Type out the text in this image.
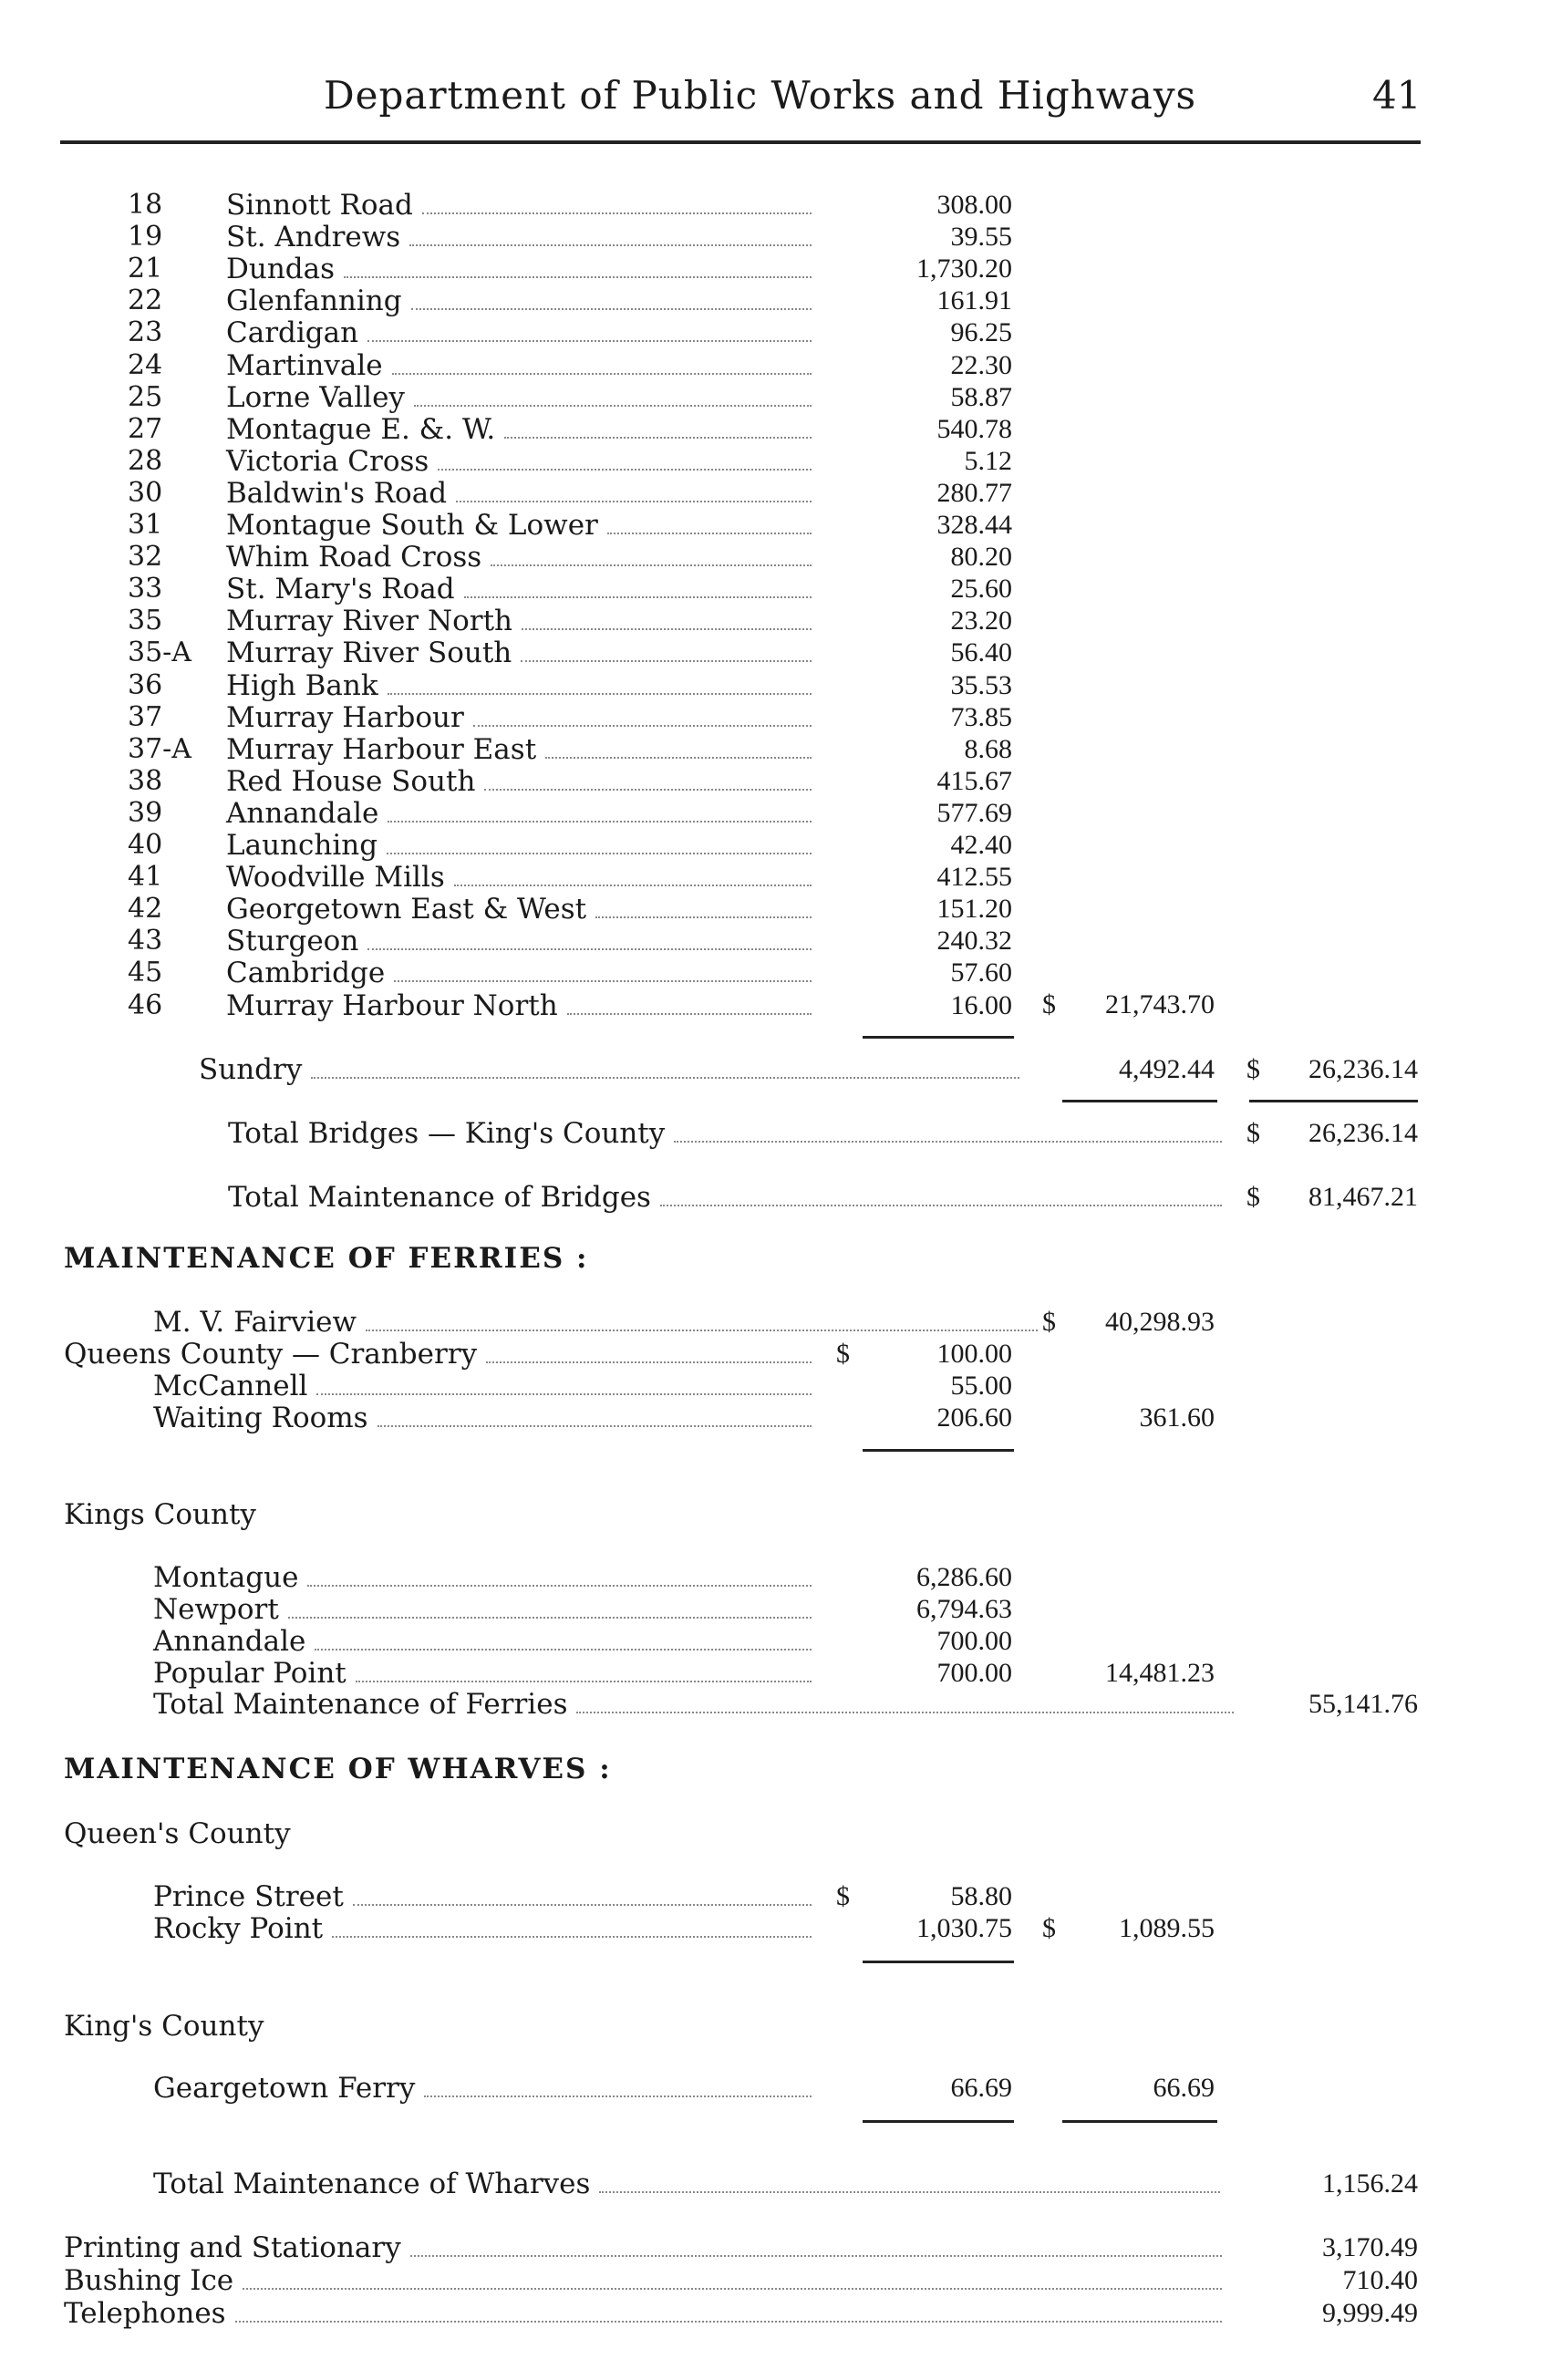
Department of Public Works and Highways	41
18	Sinnott Road	308.00
19	St. Andrews	39.55
21	Dundas	1,730.20
22	Glenfanning	161.91
23	Cardigan	96.25
24	Martinvale	22.30
25	Lorne Valley	58.87
27	Montague E. &. W.	540.78
28	Victoria Cross	5.12
30	Baldwin's Road	280.77
31	Montague South & Lower	328.44
32	Whim Road Cross	80.20
33	St. Mary's Road	25.60
35	Murray River North	23.20
35-A	Murray River South	56.40
36	High Bank	35.53
37	Murray Harbour	73.85
37-A	Murray Harbour East	8.68
38	Red House South	415.67
39	Annandale	577.69
40	Launching	42.40
41	Woodville Mills	412.55
42	Georgetown East & West	151.20
43	Sturgeon	240.32
45	Cambridge	57.60
46	Murray Harbour North	16.00 $ 21,743.70
Sundry	4,492.44 $ 26,236.14
Total Bridges — King's County	$ 26,236.14
Total Maintenance of Bridges	$ 81,467.21
MAINTENANCE OF FERRIES :
M. V. Fairview	$ 40,298.93
Queens County — Cranberry	$	100.00
McCannell	55.00
Waiting Rooms	206.60	361.60
Kings County
Montague	6,286.60
Newport	6,794.63
Annandale	700.00
Popular Point	700.00	14,481.23
Total Maintenance of Ferries	55,141.76
MAINTENANCE OF WHARVES :
Queen's County
Prince Street	$	58.80
Rocky Point	1,030.75 $ 1,089.55
King's County
Geargetown Ferry	66.69	66.69
Total Maintenance of Wharves	1,156.24
Printing and Stationary	3,170.49
Bushing Ice	710.40
Telephones	9,999.49
